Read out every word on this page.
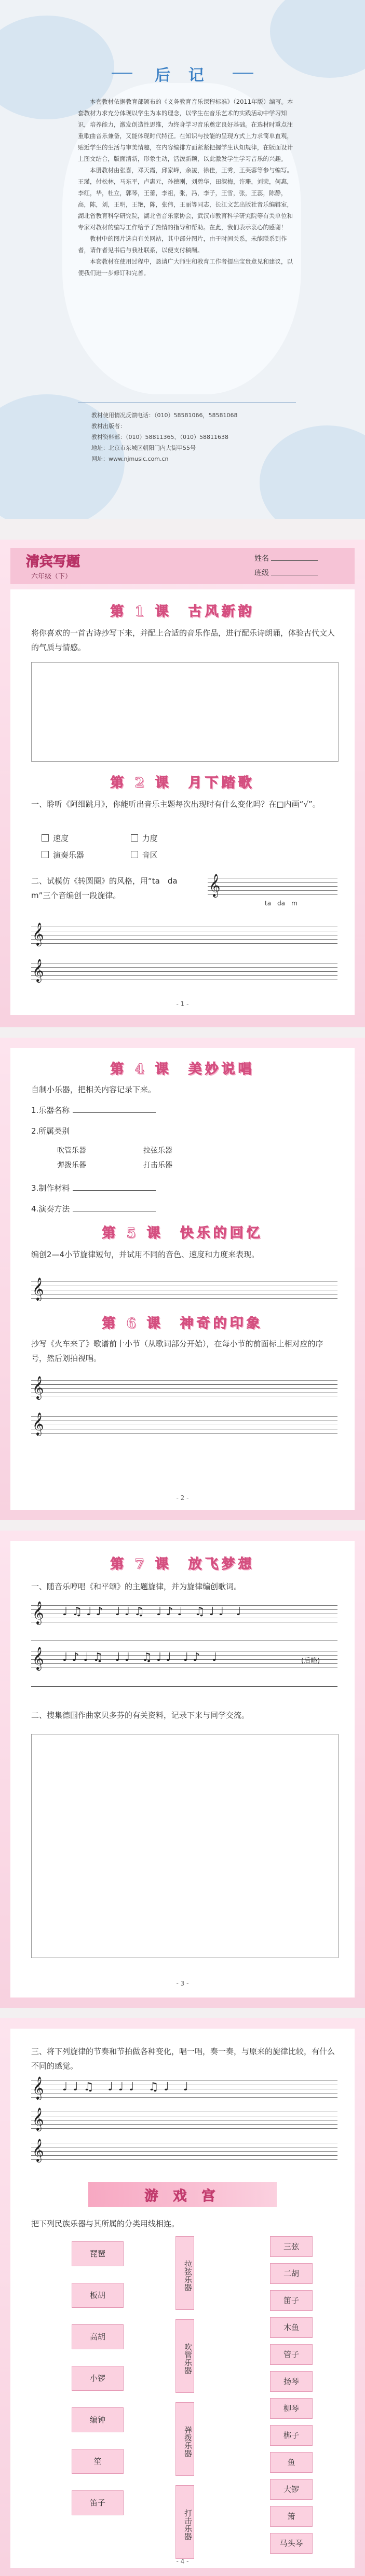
后 记

本套教材依据教育部颁布的《义务教育音乐课程标准》（2011年版）编写。本套教材力求充分体现以学生为本的理念，以学生在音乐艺术的实践活动中学习知识，培养能力，激发创造性思维，为终身学习音乐奠定良好基础。在选材时重点注重歌曲音乐兼备，又能体现时代特征。在知识与技能的呈现方式上力求简单直观，贴近学生的生活与审美情趣，在内容编排方面紧紧把握学生认知规律，在版面设计上图文结合，版面清新，形象生动，活泼新颖，以此激发学生学习音乐的兴趣。

本册教材由张喜，邓天霞，邱家峰，余凌，徐佳，王秀，王芙蓉等参与编写。王瑾，付松林，马东平，卢惠元，孙德刚，刘碧华，田淑梅，许珊，刘荣，何惠，李红，华，杜立，郭琴，王蕾，李祖，张，冯，李子，王雪，张，王蕊，陈静，高，陈，刘，王明，王艳，陈，张伟，王丽等同志，长江文艺出版社音乐编辑室，湖北省教育科学研究院，湖北省音乐家协会，武汉市教育科学研究院等有关单位和专家对教材的编写工作给予了热情的指导和帮助。在此，我们表示衷心的感谢！

教材中的图片选自有关网站，其中部分图片，由于时间关系，未能联系到作者，请作者见书后与我社联系，以便支付稿酬。

本套教材在使用过程中，恳请广大师生和教育工作者提出宝贵意见和建议，以便我们进一步修订和完善。

教材使用情况反馈电话：（010）58581066，58581068
教材出版者：
教材资料部：（010）58811365、（010）58811638
地址：北京市东城区朝阳门内大街甲55号
网址：www.njmusic.com.cn
清宾写题
六年级（下）
姓名
班级
第 1 课　古风新韵
将你喜欢的一首古诗抄写下来，并配上合适的音乐作品，进行配乐诗朗诵，体验古代文人的气质与情感。
第 2 课　月下踏歌
一、聆听《阿细跳月》，你能听出音乐主题每次出现时有什么变化吗？在□内画“√”。
速度	力度
演奏乐器	音区
二、试模仿《转圆圈》的风格，用“ta　da　m”三个音编创一段旋律。	𝄞
ta　da　m
𝄞
𝄞
- 1 -
第 4 课　美妙说唱
自制小乐器，把相关内容记录下来。
1.乐器名称
2.所属类别
吹管乐器	拉弦乐器
弹拨乐器	打击乐器
3.制作材料
4.演奏方法
第 5 课　快乐的回忆
编创2—4小节旋律短句，并试用不同的音色、速度和力度来表现。
𝄞
第 6 课　神奇的印象
抄写《火车来了》歌谱前十小节（从歌词部分开始），在每小节的前面标上相对应的序号，然后划拍视唱。
𝄞
𝄞
- 2 -
第 7 课　放飞梦想
一、随音乐哼唱《和平颂》的主题旋律，并为旋律编创歌词。
𝄞 ♩♫♩♪ ♩♩♫ ♩♪♩ ♫♩♩ ♩
𝄞 ♩♪♩♫ ♩♩ ♫♩♩ ♩♪ ♩	(后略)
二、搜集德国作曲家贝多芬的有关资料，记录下来与同学交流。
- 3 -
三、将下列旋律的节奏和节拍做各种变化，唱一唱，奏一奏，与原来的旋律比较，有什么不同的感觉。
𝄞 ♩♩♫ ♩♩♩ ♫♩ ♩
𝄞
𝄞
游 戏 宫
把下列民族乐器与其所属的分类用线相连。
琵琶
板胡
高胡
小锣
编钟
笙
笛子
拉弦乐器
吹管乐器
弹拨乐器
打击乐器
三弦
二胡
笛子
木鱼
管子
扬琴
柳琴
梆子
鱼
大锣
箫
马头琴
- 4 -
